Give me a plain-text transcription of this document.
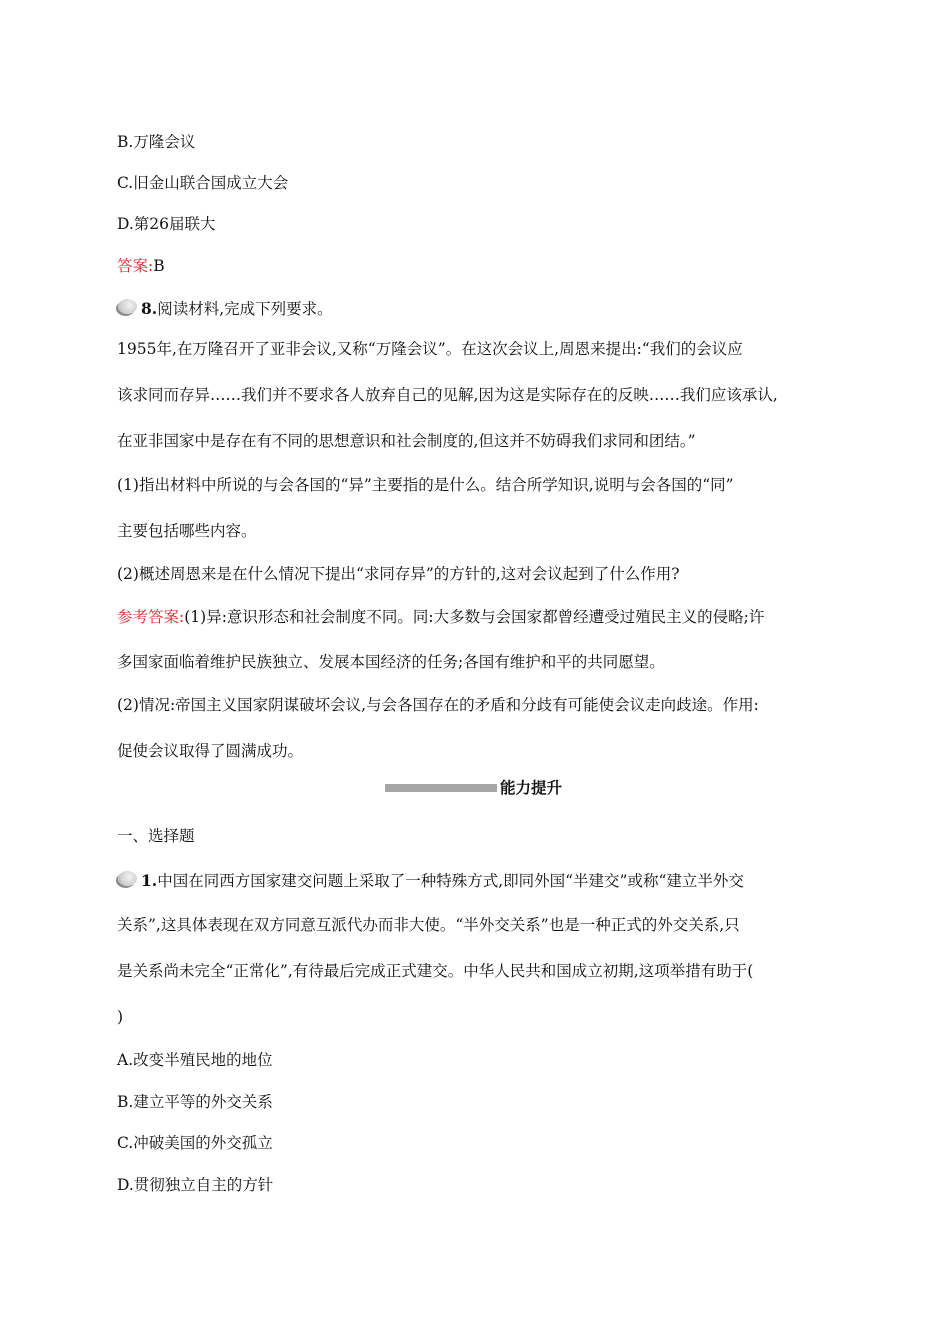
B.万隆会议
C.旧金山联合国成立大会
D.第26届联大
答案:B
8.阅读材料,完成下列要求。
1955年,在万隆召开了亚非会议,又称“万隆会议”。在这次会议上,周恩来提出:“我们的会议应
该求同而存异……我们并不要求各人放弃自己的见解,因为这是实际存在的反映……我们应该承认,
在亚非国家中是存在有不同的思想意识和社会制度的,但这并不妨碍我们求同和团结。”
(1)指出材料中所说的与会各国的“异”主要指的是什么。结合所学知识,说明与会各国的“同”
主要包括哪些内容。
(2)概述周恩来是在什么情况下提出“求同存异”的方针的,这对会议起到了什么作用?
参考答案:(1)异:意识形态和社会制度不同。同:大多数与会国家都曾经遭受过殖民主义的侵略;许
多国家面临着维护民族独立、发展本国经济的任务;各国有维护和平的共同愿望。
(2)情况:帝国主义国家阴谋破坏会议,与会各国存在的矛盾和分歧有可能使会议走向歧途。作用:
促使会议取得了圆满成功。
能力提升
一、选择题
1.中国在同西方国家建交问题上采取了一种特殊方式,即同外国“半建交”或称“建立半外交
关系”,这具体表现在双方同意互派代办而非大使。“半外交关系”也是一种正式的外交关系,只
是关系尚未完全“正常化”,有待最后完成正式建交。中华人民共和国成立初期,这项举措有助于(
)
A.改变半殖民地的地位
B.建立平等的外交关系
C.冲破美国的外交孤立
D.贯彻独立自主的方针
